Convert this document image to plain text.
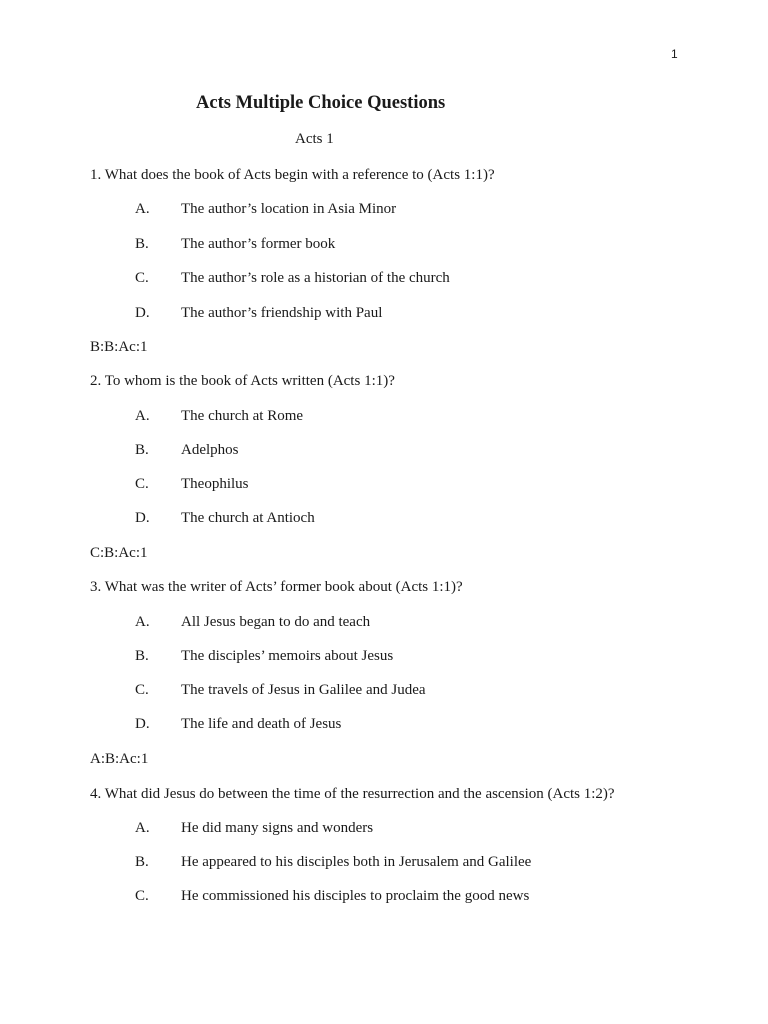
1
Acts Multiple Choice Questions
Acts 1
1. What does the book of Acts begin with a reference to (Acts 1:1)?
A. The author’s location in Asia Minor
B. The author’s former book
C. The author’s role as a historian of the church
D. The author’s friendship with Paul
B:B:Ac:1
2. To whom is the book of Acts written (Acts 1:1)?
A. The church at Rome
B. Adelphos
C. Theophilus
D. The church at Antioch
C:B:Ac:1
3. What was the writer of Acts’ former book about (Acts 1:1)?
A. All Jesus began to do and teach
B. The disciples’ memoirs about Jesus
C. The travels of Jesus in Galilee and Judea
D. The life and death of Jesus
A:B:Ac:1
4. What did Jesus do between the time of the resurrection and the ascension (Acts 1:2)?
A. He did many signs and wonders
B. He appeared to his disciples both in Jerusalem and Galilee
C. He commissioned his disciples to proclaim the good news
